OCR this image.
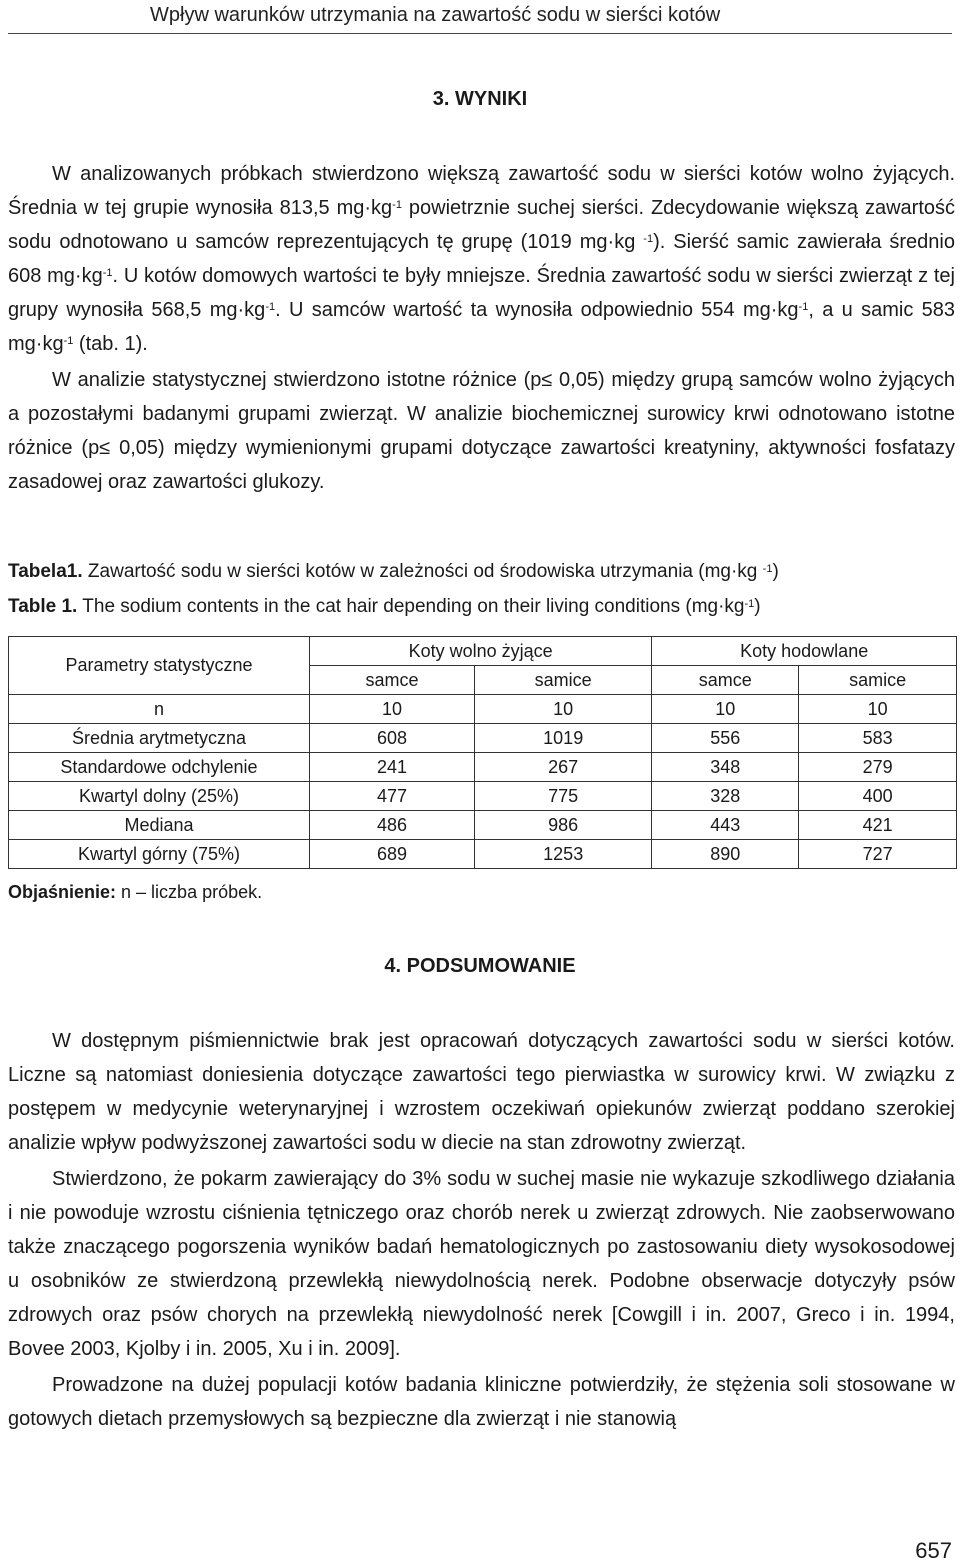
Wpływ warunków utrzymania na zawartość sodu w sierści kotów
3. WYNIKI

W analizowanych próbkach stwierdzono większą zawartość sodu w sierści kotów wolno żyjących. Średnia w tej grupie wynosiła 813,5 $mg\cdot kg^{-1}$ powietrznie suchej sierści. Zdecydowanie większą zawartość sodu odnotowano u samców reprezentujących tę grupę (1019 mg·kg $^{-1}$). Sierść samic zawierała średnio 608 $mg\cdot kg^{-1}$. U kotów domowych wartości te były mniejsze. Średnia zawartość sodu w sierści zwierząt z tej grupy wynosiła 568,5 $mg\cdot kg^{-1}$. U samców wartość ta wynosiła odpowiednio 554 $mg\cdot kg^{-1}$, a u samic 583 $mg\cdot kg^{-1}$ (tab. 1).

W analizie statystycznej stwierdzono istotne różnice (p≤ 0,05) między grupą samców wolno żyjących a pozostałymi badanymi grupami zwierząt. W analizie biochemicznej surowicy krwi odnotowano istotne różnice (p≤ 0,05) między wymienionymi grupami dotyczące zawartości kreatyniny, aktywności fosfatazy zasadowej oraz zawartości glukozy.

Tabela1. Zawartość sodu w sierści kotów w zależności od środowiska utrzymania (mg·kg $^{-1}$)
Table 1. The sodium contents in the cat hair depending on their living conditions $(mg\cdot kg^{-1})$
Parametry statystyczne	Koty wolno żyjące		Koty hodowlane	
	samce	samice	samce	samice
n	10	10	10	10
Średnia arytmetyczna	608	1019	556	583
Standardowe odchylenie	241	267	348	279
Kwartyl dolny (25%)	477	775	328	400
Mediana	486	986	443	421
Kwartyl górny (75%)	689	1253	890	727
Objaśnienie: n – liczba próbek.
4. PODSUMOWANIE

W dostępnym piśmiennictwie brak jest opracowań dotyczących zawartości sodu w sierści kotów. Liczne są natomiast doniesienia dotyczące zawartości tego pierwiastka w surowicy krwi. W związku z postępem w medycynie weterynaryjnej i wzrostem oczekiwań opiekunów zwierząt poddano szerokiej analizie wpływ podwyższonej zawartości sodu w diecie na stan zdrowotny zwierząt.

Stwierdzono, że pokarm zawierający do 3% sodu w suchej masie nie wykazuje szkodliwego działania i nie powoduje wzrostu ciśnienia tętniczego oraz chorób nerek u zwierząt zdrowych. Nie zaobserwowano także znaczącego pogorszenia wyników badań hematologicznych po zastosowaniu diety wysokosodowej u osobników ze stwierdzoną przewlekłą niewydolnością nerek. Podobne obserwacje dotyczyły psów zdrowych oraz psów chorych na przewlekłą niewydolność nerek [Cowgill i in. 2007, Greco i in. 1994, Bovee 2003, Kjolby i in. 2005, Xu i in. 2009].

Prowadzone na dużej populacji kotów badania kliniczne potwierdziły, że stężenia soli stosowane w gotowych dietach przemysłowych są bezpieczne dla zwierząt i nie stanowią

657
